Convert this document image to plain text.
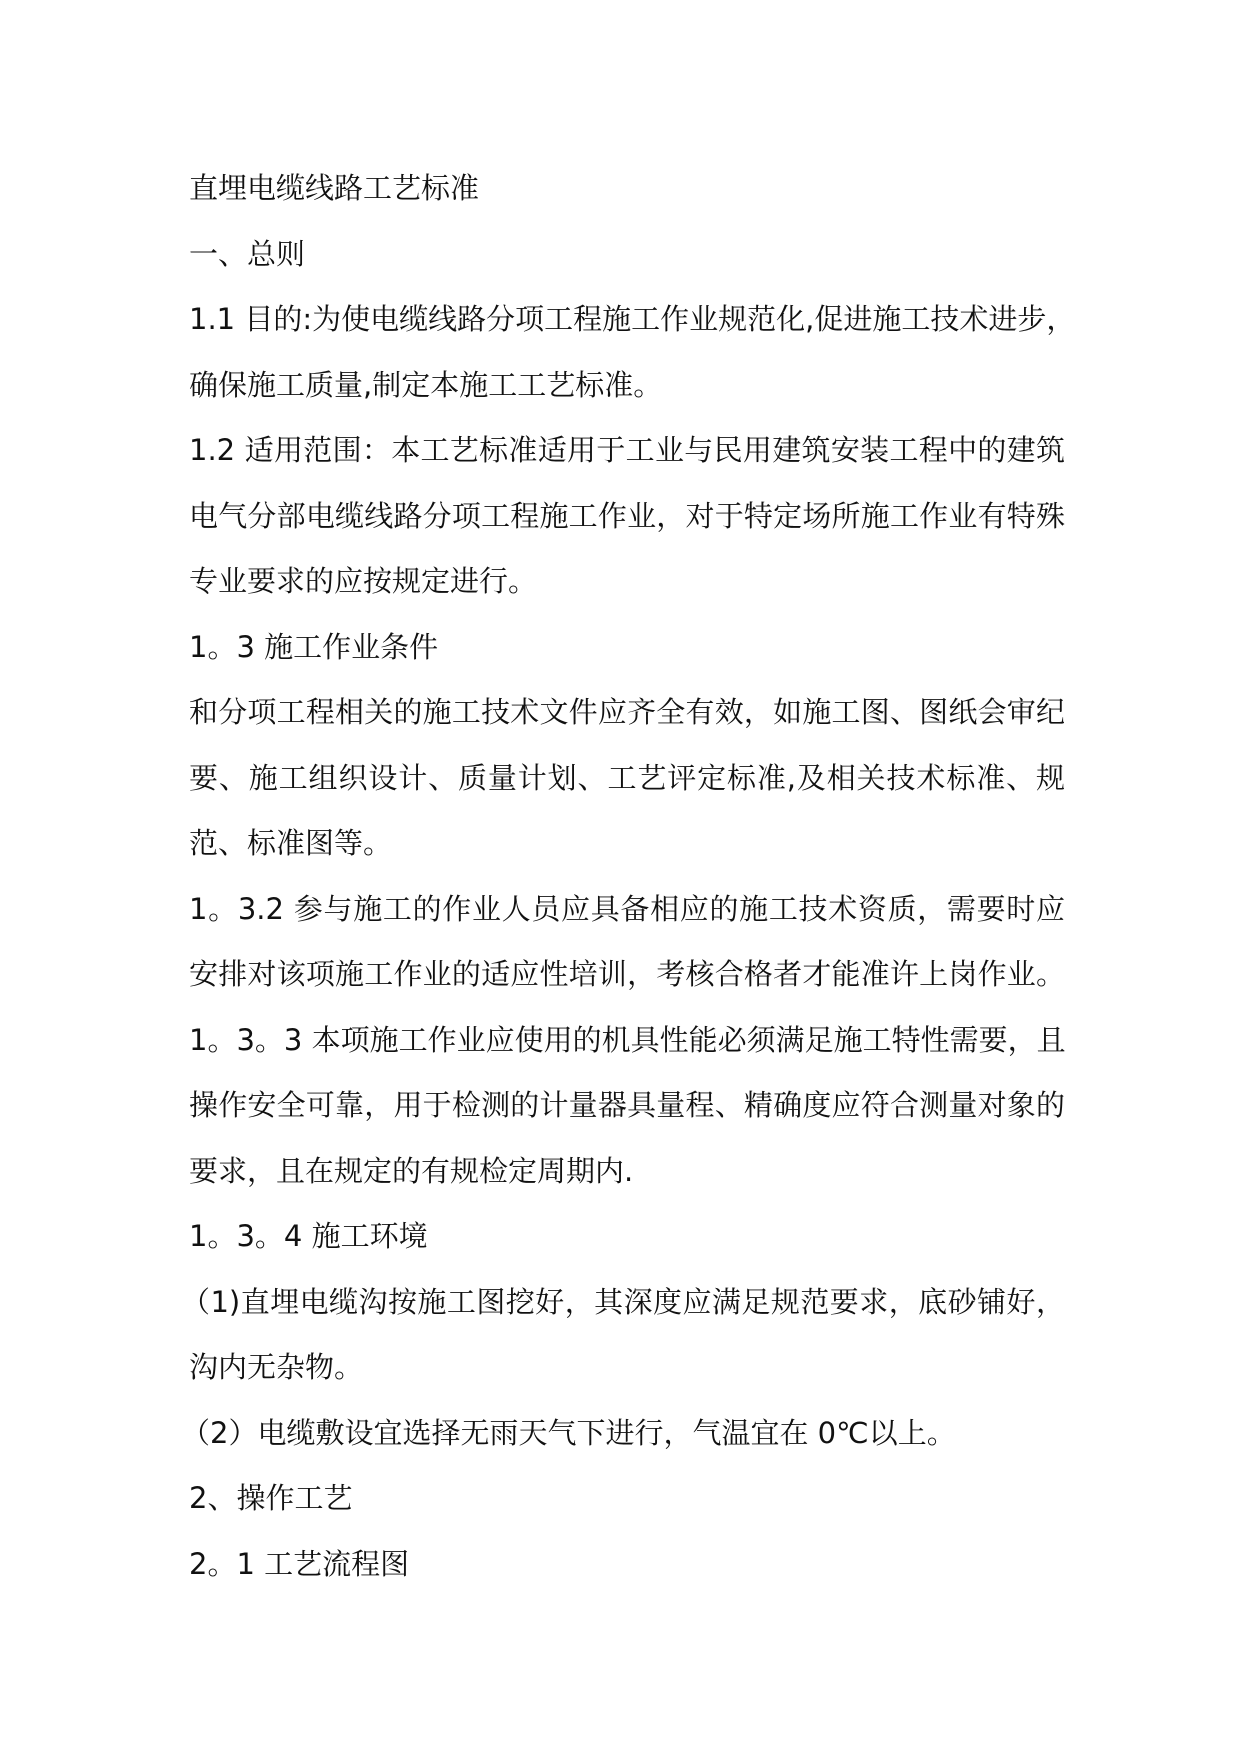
直埋电缆线路工艺标准

一、总则

1.1 目的:为使电缆线路分项工程施工作业规范化,促进施工技术进步，

确保施工质量,制定本施工工艺标准。

1.2 适用范围：本工艺标准适用于工业与民用建筑安装工程中的建筑

电气分部电缆线路分项工程施工作业，对于特定场所施工作业有特殊

专业要求的应按规定进行。

1。3 施工作业条件

和分项工程相关的施工技术文件应齐全有效，如施工图、图纸会审纪

要、施工组织设计、质量计划、工艺评定标准,及相关技术标准、规

范、标准图等。

1。3.2 参与施工的作业人员应具备相应的施工技术资质，需要时应

安排对该项施工作业的适应性培训，考核合格者才能准许上岗作业。

1。3。3 本项施工作业应使用的机具性能必须满足施工特性需要，且

操作安全可靠，用于检测的计量器具量程、精确度应符合测量对象的

要求，且在规定的有规检定周期内.

1。3。4 施工环境

（1)直埋电缆沟按施工图挖好，其深度应满足规范要求，底砂铺好，

沟内无杂物。

（2）电缆敷设宜选择无雨天气下进行，气温宜在 0℃以上。

2、操作工艺

2。1 工艺流程图
